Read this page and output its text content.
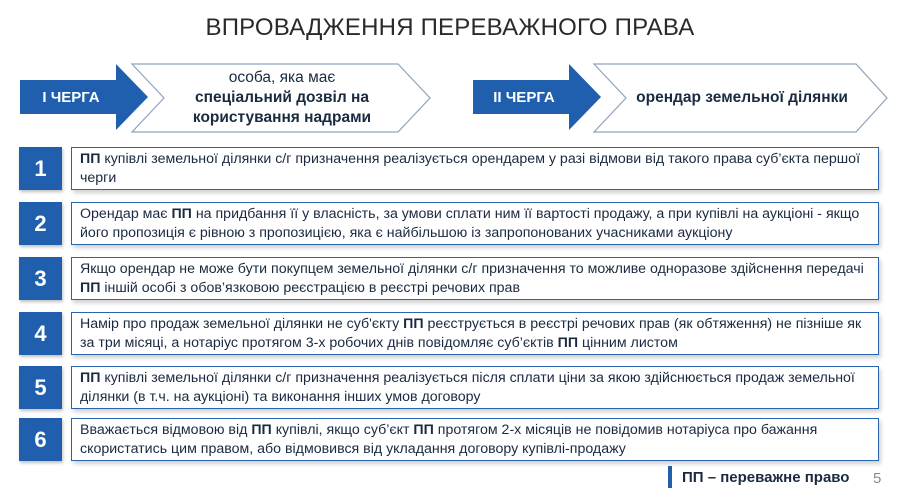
ВПРОВАДЖЕННЯ ПЕРЕВАЖНОГО ПРАВА
особа, яка має
спеціальний дозвіл на
користування надрами
І ЧЕРГА	орендар земельної ділянки
ІІ ЧЕРГА
1	ПП купівлі земельної ділянки с/г призначення реалізується орендарем у разі відмови від такого права суб’єкта першої черги
2	Орендар має ПП на придбання її у власність, за умови сплати ним її вартості продажу, а при купівлі на аукціоні - якщо його пропозиція є рівною з пропозицією, яка є найбільшою із запропонованих учасниками аукціону
3	Якщо орендар не може бути покупцем земельної ділянки с/г призначення то можливе одноразове здійснення передачі ПП іншій особі з обов’язковою реєстрацією в реєстрі речових прав
4	Намір про продаж земельної ділянки не суб'єкту ПП реєструється в реєстрі речових прав (як обтяження) не пізніше як за три місяці, а нотаріус протягом 3-х робочих днів повідомляє суб’єктів ПП цінним листом
5	ПП купівлі земельної ділянки с/г призначення реалізується після сплати ціни за якою здійснюється продаж земельної ділянки (в т.ч. на аукціоні) та виконання інших умов договору
6	Вважається відмовою від ПП купівлі, якщо суб’єкт ПП протягом 2-х місяців не повідомив нотаріуса про бажання скористатись цим правом, або відмовився від укладання договору купівлі-продажу
ПП – переважне право 5
